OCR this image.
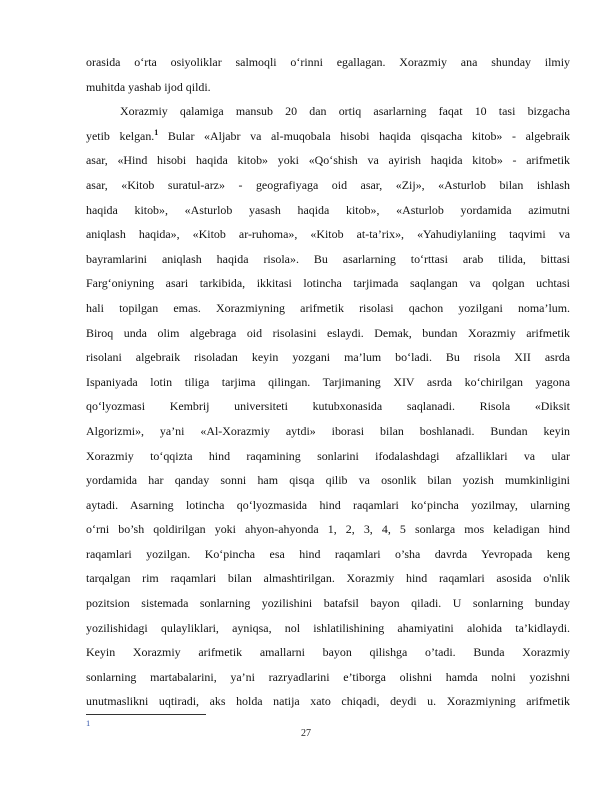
orasida o‘rta osiyoliklar salmoqli o‘rinni egallagan. Xorazmiy ana shunday ilmiy
muhitda yashab ijod qildi.
Xorazmiy qalamiga mansub 20 dan ortiq asarlarning faqat 10 tasi bizgacha
yetib kelgan.$^1$ Bular «Aljabr va al-muqobala hisobi haqida qisqacha kitob» - algebraik
asar, «Hind hisobi haqida kitob» yoki «Qo‘shish va ayirish haqida kitob» - arifmetik
asar, «Kitob suratul-arz» - geografiyaga oid asar, «Zij», «Asturlob bilan ishlash
haqida kitob», «Asturlob yasash haqida kitob», «Asturlob yordamida azimutni
aniqlash haqida», «Kitob ar-ruhoma», «Kitob at-ta’rix», «Yahudiylaniing taqvimi va
bayramlarini aniqlash haqida risola». Bu asarlarning to‘rttasi arab tilida, bittasi
Farg‘oniyning asari tarkibida, ikkitasi lotincha tarjimada saqlangan va qolgan uchtasi
hali topilgan emas. Xorazmiyning arifmetik risolasi qachon yozilgani noma’lum.
Biroq unda olim algebraga oid risolasini eslaydi. Demak, bundan Xorazmiy arifmetik
risolani algebraik risoladan keyin yozgani ma’lum bo‘ladi. Bu risola XII asrda
Ispaniyada lotin tiliga tarjima qilingan. Tarjimaning XIV asrda ko‘chirilgan yagona
qo‘lyozmasi Kembrij universiteti kutubxonasida saqlanadi. Risola «Diksit
Algorizmi», ya’ni «Al-Xorazmiy aytdi» iborasi bilan boshlanadi. Bundan keyin
Xorazmiy to‘qqizta hind raqamining sonlarini ifodalashdagi afzalliklari va ular
yordamida har qanday sonni ham qisqa qilib va osonlik bilan yozish mumkinligini
aytadi. Asarning lotincha qo‘lyozmasida hind raqamlari ko‘pincha yozilmay, ularning
o‘rni bo’sh qoldirilgan yoki ahyon-ahyonda 1, 2, 3, 4, 5 sonlarga mos keladigan hind
raqamlari yozilgan. Ko‘pincha esa hind raqamlari o’sha davrda Yevropada keng
tarqalgan rim raqamlari bilan almashtirilgan. Xorazmiy hind raqamlari asosida o'nlik
pozitsion sistemada sonlarning yozilishini batafsil bayon qiladi. U sonlarning bunday
yozilishidagi qulayliklari, ayniqsa, nol ishlatilishining ahamiyatini alohida ta’kidlaydi.
Keyin Xorazmiy arifmetik amallarni bayon qilishga o’tadi. Bunda Xorazmiy
sonlarning martabalarini, ya’ni razryadlarini e’tiborga olishni hamda nolni yozishni
unutmaslikni uqtiradi, aks holda natija xato chiqadi, deydi u. Xorazmiyning arifmetik
1
27
